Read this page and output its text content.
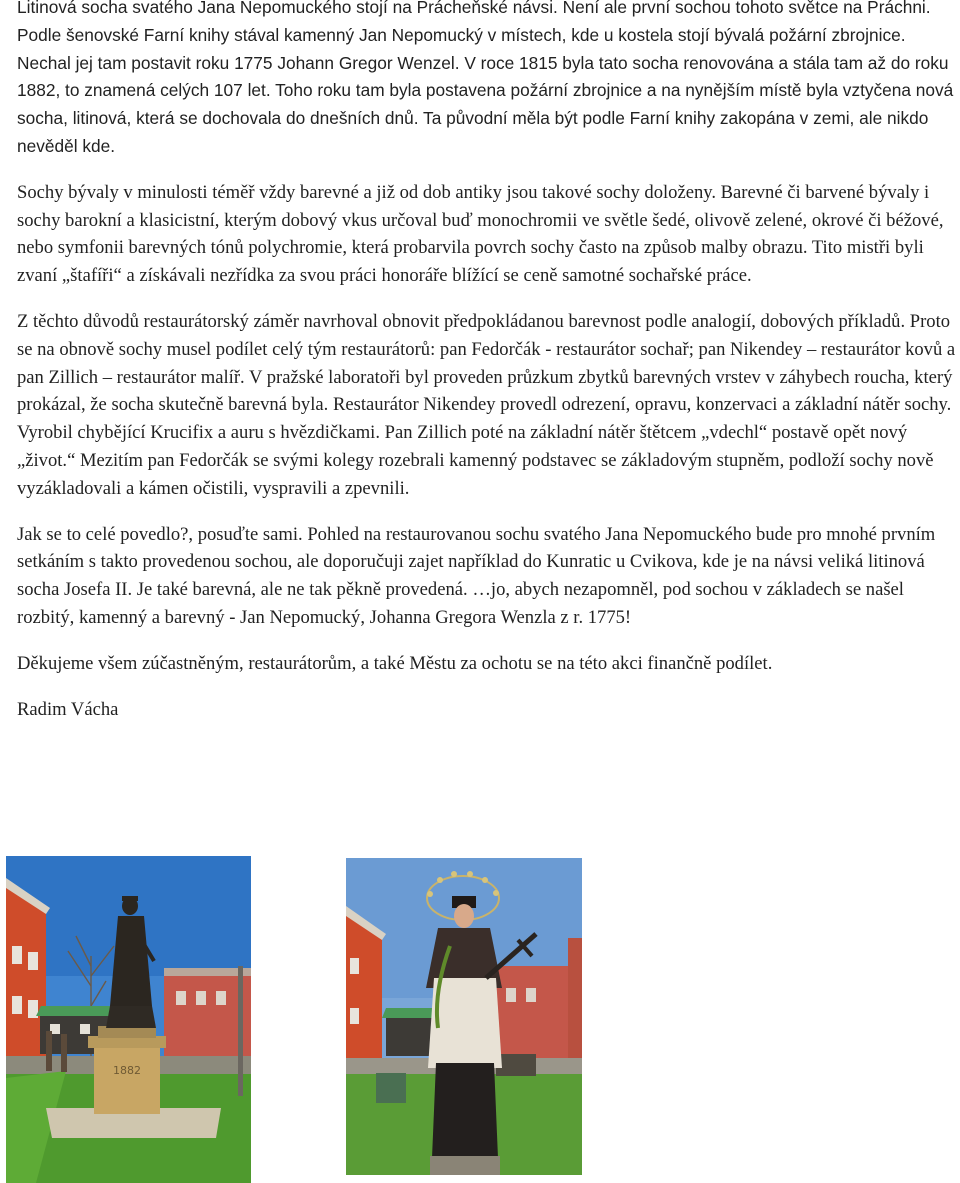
Litinová socha svatého Jana Nepomuckého stojí na Prácheňské návsi. Není ale první sochou tohoto světce na Práchni. Podle šenovské Farní knihy stával kamenný Jan Nepomucký v místech, kde u kostela stojí bývalá požární zbrojnice. Nechal jej tam postavit roku 1775 Johann Gregor Wenzel. V roce 1815 byla tato socha renovována a stála tam až do roku 1882, to znamená celých 107 let. Toho roku tam byla postavena požární zbrojnice a na nynějším místě byla vztyčena nová socha, litinová, která se dochovala do dnešních dnů. Ta původní měla být podle Farní knihy zakopána v zemi, ale nikdo nevěděl kde.

Sochy bývaly v minulosti téměř vždy barevné a již od dob antiky jsou takové sochy doloženy. Barevné či barvené bývaly i sochy barokní a klasicistní, kterým dobový vkus určoval buď monochromii ve světle šedé, olivově zelené, okrové či béžové, nebo symfonii barevných tónů polychromie, která probarvila povrch sochy často na způsob malby obrazu. Tito mistři byli zvaní „štafíři“ a získávali nezřídka za svou práci honoráře blížící se ceně samotné sochařské práce.

Z těchto důvodů restaurátorský záměr navrhoval obnovit předpokládanou barevnost podle analogií, dobových příkladů. Proto se na obnově sochy musel podílet celý tým restaurátorů: pan Fedorčák - restaurátor sochař; pan Nikendey – restaurátor kovů a pan Zillich – restaurátor malíř. V pražské laboratoři byl proveden průzkum zbytků barevných vrstev v záhybech roucha, který prokázal, že socha skutečně barevná byla. Restaurátor Nikendey provedl odrezení, opravu, konzervaci a základní nátěr sochy. Vyrobil chybějící Krucifix a auru s hvězdičkami. Pan Zillich poté na základní nátěr štětcem „vdechl“ postavě opět nový „život.“ Mezitím pan Fedorčák se svými kolegy rozebrali kamenný podstavec se základovým stupněm, podloží sochy nově vyzákladovali a kámen očistili, vyspravili a zpevnili.

Jak se to celé povedlo?, posuďte sami. Pohled na restaurovanou sochu svatého Jana Nepomuckého bude pro mnohé prvním setkáním s takto provedenou sochou, ale doporučuji zajet například do Kunratic u Cvikova, kde je na návsi veliká litinová socha Josefa II. Je také barevná, ale ne tak pěkně provedená. …jo, abych nezapomněl, pod sochou v základech se našel rozbitý, kamenný a barevný - Jan Nepomucký, Johanna Gregora Wenzla z r. 1775!

Děkujeme všem zúčastněným, restaurátorům, a také Městu za ochotu se na této akci finančně podílet.

Radim Vácha

1882
